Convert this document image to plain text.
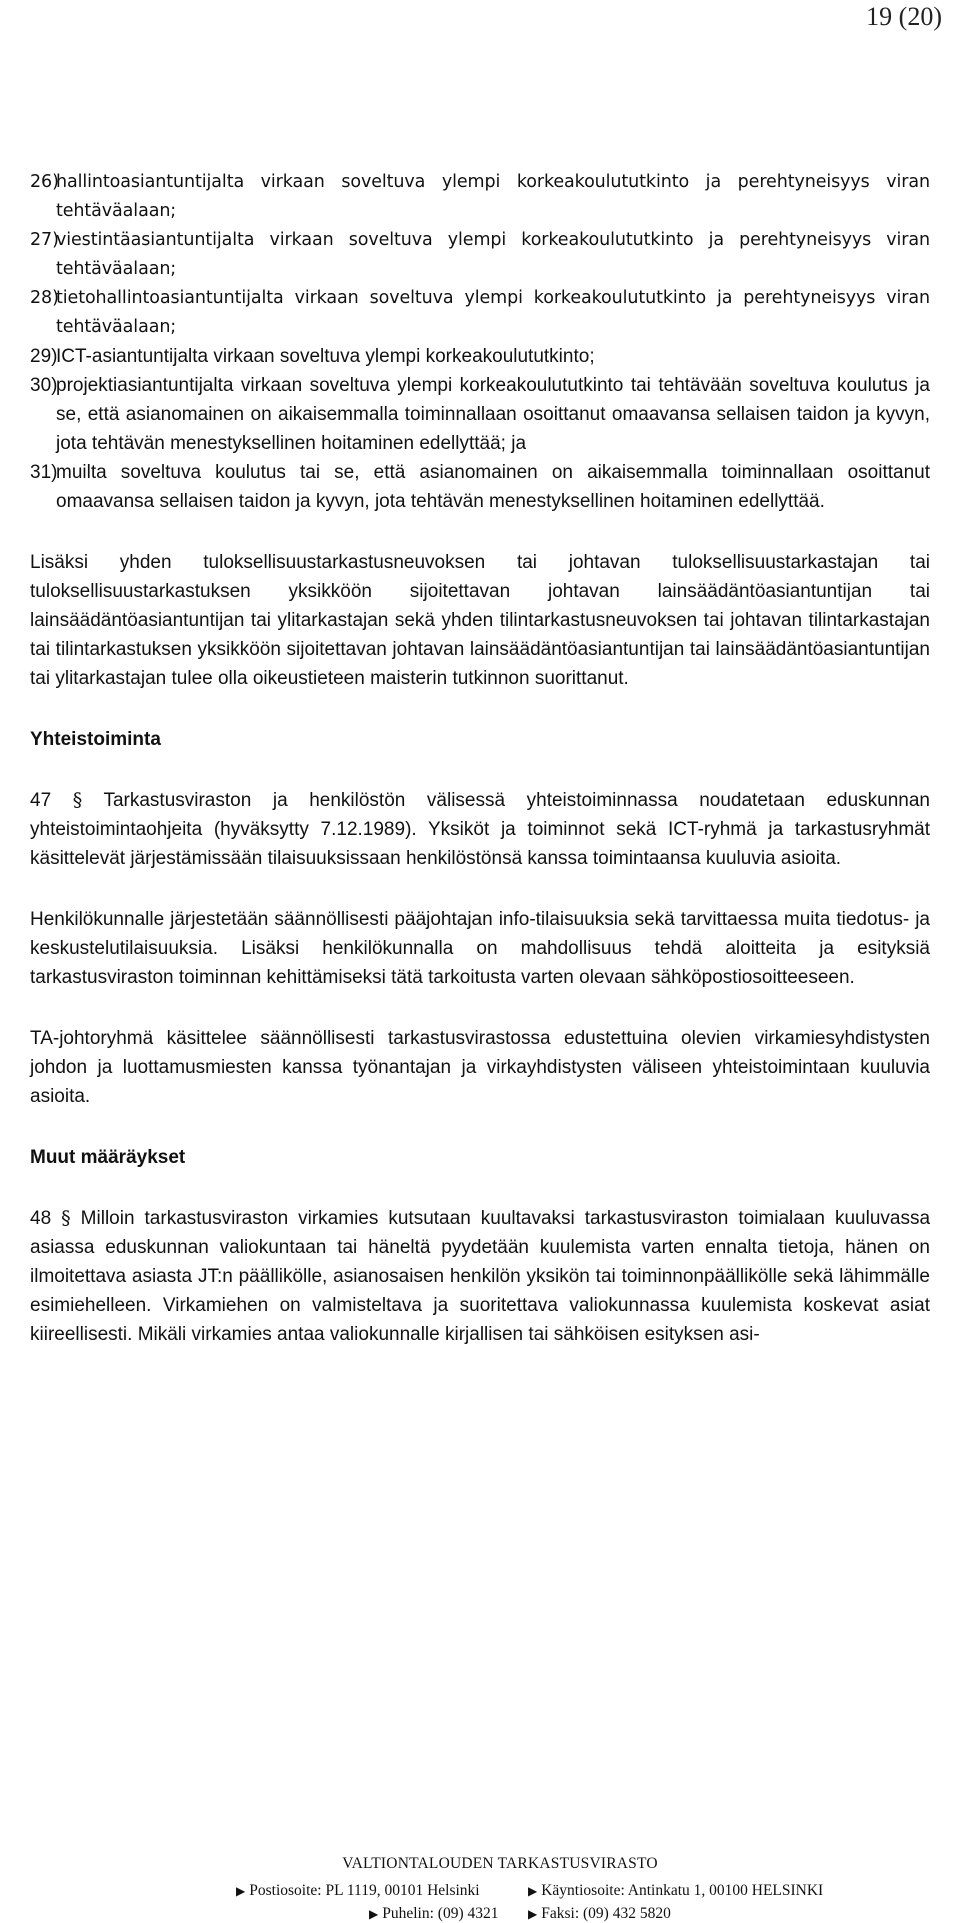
19 (20)
26)
hallintoasiantuntijalta virkaan soveltuva ylempi korkeakoulututkinto ja perehtyneisyys viran tehtäväalaan;
27)
viestintäasiantuntijalta virkaan soveltuva ylempi korkeakoulututkinto ja perehtyneisyys viran tehtäväalaan;
28)
tietohallintoasiantuntijalta virkaan soveltuva ylempi korkeakoulututkinto ja perehtyneisyys viran tehtäväalaan;
29)
ICT-asiantuntijalta virkaan soveltuva ylempi korkeakoulututkinto;
30)
projektiasiantuntijalta virkaan soveltuva ylempi korkeakoulututkinto tai tehtävään soveltuva koulutus ja se, että asianomainen on aikaisemmalla toiminnallaan osoittanut omaavansa sellaisen taidon ja kyvyn, jota tehtävän menestyksellinen hoitaminen edellyttää; ja
31)
muilta soveltuva koulutus tai se, että asianomainen on aikaisemmalla toiminnallaan osoittanut omaavansa sellaisen taidon ja kyvyn, jota tehtävän menestyksellinen hoitaminen edellyttää.

Lisäksi yhden tuloksellisuustarkastusneuvoksen tai johtavan tuloksellisuustarkastajan tai tuloksellisuustarkastuksen yksikköön sijoitettavan johtavan lainsäädäntöasiantuntijan tai lainsäädäntöasiantuntijan tai ylitarkastajan sekä yhden tilintarkastusneuvoksen tai johtavan tilintarkastajan tai tilintarkastuksen yksikköön sijoitettavan johtavan lainsäädäntöasiantuntijan tai lainsäädäntöasiantuntijan tai ylitarkastajan tulee olla oikeustieteen maisterin tutkinnon suorittanut.

Yhteistoiminta

47 § Tarkastusviraston ja henkilöstön välisessä yhteistoiminnassa noudatetaan eduskunnan yhteistoimintaohjeita (hyväksytty 7.12.1989). Yksiköt ja toiminnot sekä ICT-ryhmä ja tarkastusryhmät käsittelevät järjestämissään tilaisuuksissaan henkilöstönsä kanssa toimintaansa kuuluvia asioita.

Henkilökunnalle järjestetään säännöllisesti pääjohtajan info-tilaisuuksia sekä tarvittaessa muita tiedotus- ja keskustelutilaisuuksia. Lisäksi henkilökunnalla on mahdollisuus tehdä aloitteita ja esityksiä tarkastusviraston toiminnan kehittämiseksi tätä tarkoitusta varten olevaan sähköpostiosoitteeseen.

TA-johtoryhmä käsittelee säännöllisesti tarkastusvirastossa edustettuina olevien virkamiesyhdistysten johdon ja luottamusmiesten kanssa työnantajan ja virkayhdistysten väliseen yhteistoimintaan kuuluvia asioita.

Muut määräykset

48 § Milloin tarkastusviraston virkamies kutsutaan kuultavaksi tarkastusviraston toimialaan kuuluvassa asiassa eduskunnan valiokuntaan tai häneltä pyydetään kuulemista varten ennalta tietoja, hänen on ilmoitettava asiasta JT:n päällikölle, asianosaisen henkilön yksikön tai toiminnonpäällikölle sekä lähimmälle esimiehelleen. Virkamiehen on valmisteltava ja suoritettava valiokunnassa kuulemista koskevat asiat kiireellisesti. Mikäli virkamies antaa valiokunnalle kirjallisen tai sähköisen esityksen asi-

VALTIONTALOUDEN TARKASTUSVIRASTO
▶ Postiosoite: PL 1119, 00101 Helsinki	▶ Käyntiosoite: Antinkatu 1, 00100 HELSINKI
▶ Puhelin: (09) 4321 ▶ Faksi: (09) 432 5820
